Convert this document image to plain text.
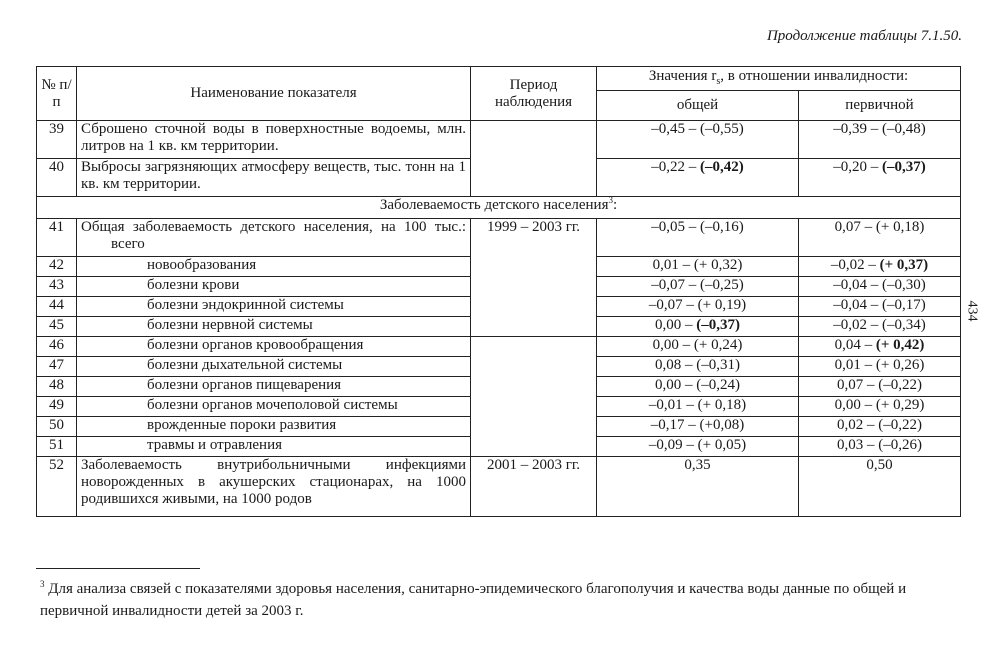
Продолжение таблицы 7.1.50.
434
№ п/п	Наименование показателя	Период наблюдения	Значения $r_s$, в отношении инвалидности:	
			общей	первичной
39	Сброшено сточной воды в поверхностные водоемы, млн. литров на 1 кв. км территории.		–0,45 – (–0,55)	–0,39 – (–0,48)
40	Выбросы загрязняющих атмосферу веществ, тыс. тонн на 1 кв. км территории.		–0,22 – (–0,42)	–0,20 – (–0,37)
Заболеваемость детского населения$^3$:				
41	Общая заболеваемость детского населения, на 100 тыс.: всего	1999 – 2003 гг.	–0,05 – (–0,16)	0,07 – (+ 0,18)
42	новообразования		0,01 – (+ 0,32)	–0,02 – (+ 0,37)
43	болезни крови		–0,07 – (–0,25)	–0,04 – (–0,30)
44	болезни эндокринной системы		–0,07 – (+ 0,19)	–0,04 – (–0,17)
45	болезни нервной системы		0,00 – (–0,37)	–0,02 – (–0,34)
46	болезни органов кровообращения		0,00 – (+ 0,24)	0,04 – (+ 0,42)
47	болезни дыхательной системы		0,08 – (–0,31)	0,01 – (+ 0,26)
48	болезни органов пищеварения		0,00 – (–0,24)	0,07 – (–0,22)
49	болезни органов мочеполовой системы		–0,01 – (+ 0,18)	0,00 – (+ 0,29)
50	врожденные пороки развития		–0,17 – (+0,08)	0,02 – (–0,22)
51	травмы и отравления		–0,09 – (+ 0,05)	0,03 – (–0,26)
52	Заболеваемость внутрибольничными инфекциями новорожденных в акушерских стационарах, на 1000 родившихся живыми, на 1000 родов	2001 – 2003 гг.	0,35	0,50
$^3$ Для анализа связей с показателями здоровья населения, санитарно-эпидемического благополучия и качества воды данные по общей и первичной инвалидности детей за 2003 г.
